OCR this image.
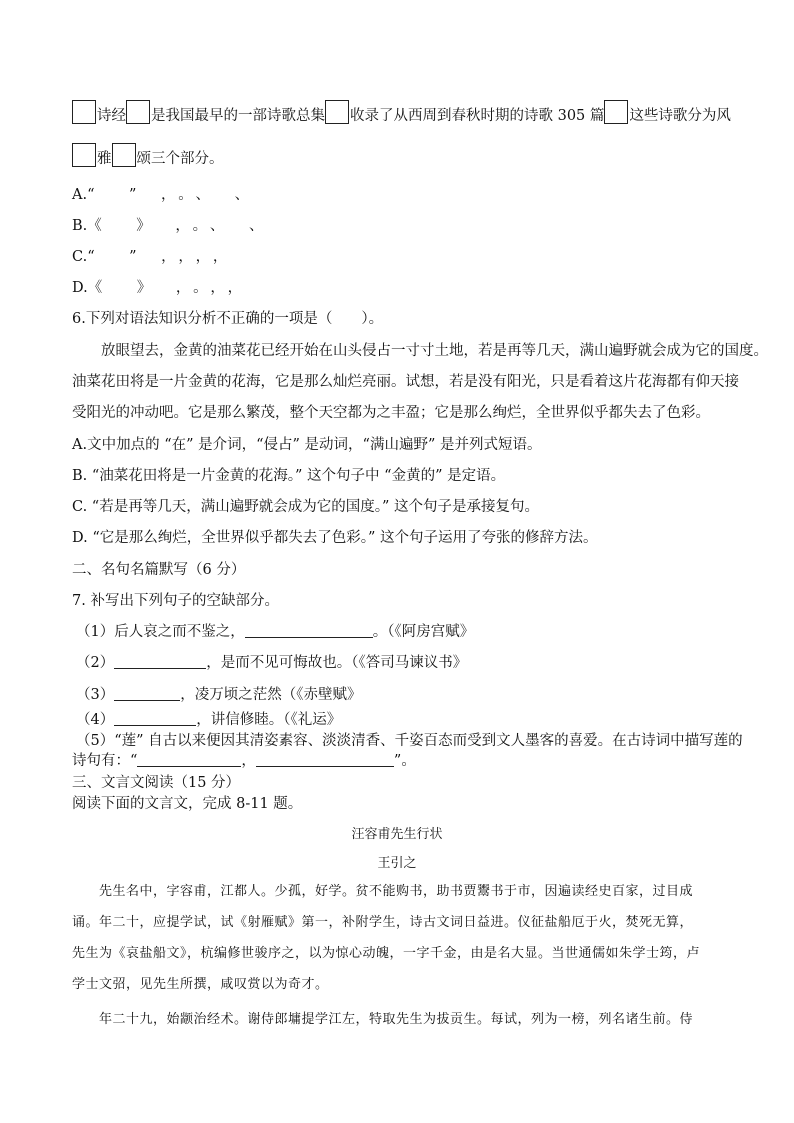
诗经 是我国最早的一部诗歌总集 收录了从西周到春秋时期的诗歌 305 篇 这些诗歌分为风
雅 颂三个部分。
A.“　” ，。、 、
B.《　》 ，。、 、
C.“　” ，，，，
D.《　》 ，。，，
6.下列对语法知识分析不正确的一项是（　　）。
　　放眼望去，金黄的油菜花已经开始在山头侵占一寸寸土地，若是再等几天，满山遍野就会成为它的国度。
油菜花田将是一片金黄的花海，它是那么灿烂亮丽。试想，若是没有阳光，只是看着这片花海都有仰天接
受阳光的冲动吧。它是那么繁茂，整个天空都为之丰盈；它是那么绚烂，全世界似乎都失去了色彩。
A.文中加点的 “在” 是介词，“侵占” 是动词，“满山遍野” 是并列式短语。
B. “油菜花田将是一片金黄的花海。” 这个句子中 “金黄的” 是定语。
C. “若是再等几天，满山遍野就会成为它的国度。” 这个句子是承接复句。
D. “它是那么绚烂，全世界似乎都失去了色彩。” 这个句子运用了夸张的修辞方法。
二、名句名篇默写（6 分）
7. 补写出下列句子的空缺部分。
（1）后人哀之而不鉴之，	。（《阿房宫赋》
（2）	，是而不见可悔故也。（《答司马谏议书》
（3）	，凌万顷之茫然（《赤壁赋》
（4）	，讲信修睦。（《礼运》
（5）“莲” 自古以来便因其清姿素容、淡淡清香、千姿百态而受到文人墨客的喜爱。在古诗词中描写莲的
诗句有：“	，	”。
三、文言文阅读（15 分）
阅读下面的文言文，完成 8-11 题。
汪容甫先生行状
王引之
　　先生名中，字容甫，江都人。少孤，好学。贫不能购书，助书贾鬻书于市，因遍读经史百家，过目成
诵。年二十，应提学试，试《射雁赋》第一，补附学生，诗古文词日益进。仪征盐船厄于火，焚死无算，
先生为《哀盐船文》，杭编修世骏序之，以为惊心动魄，一字千金，由是名大显。当世通儒如朱学士筠，卢
学士文弨，见先生所撰，咸叹赏以为奇才。
　　年二十九，始颛治经术。谢侍郎墉提学江左，特取先生为拔贡生。每试，列为一榜，列名诸生前。侍
